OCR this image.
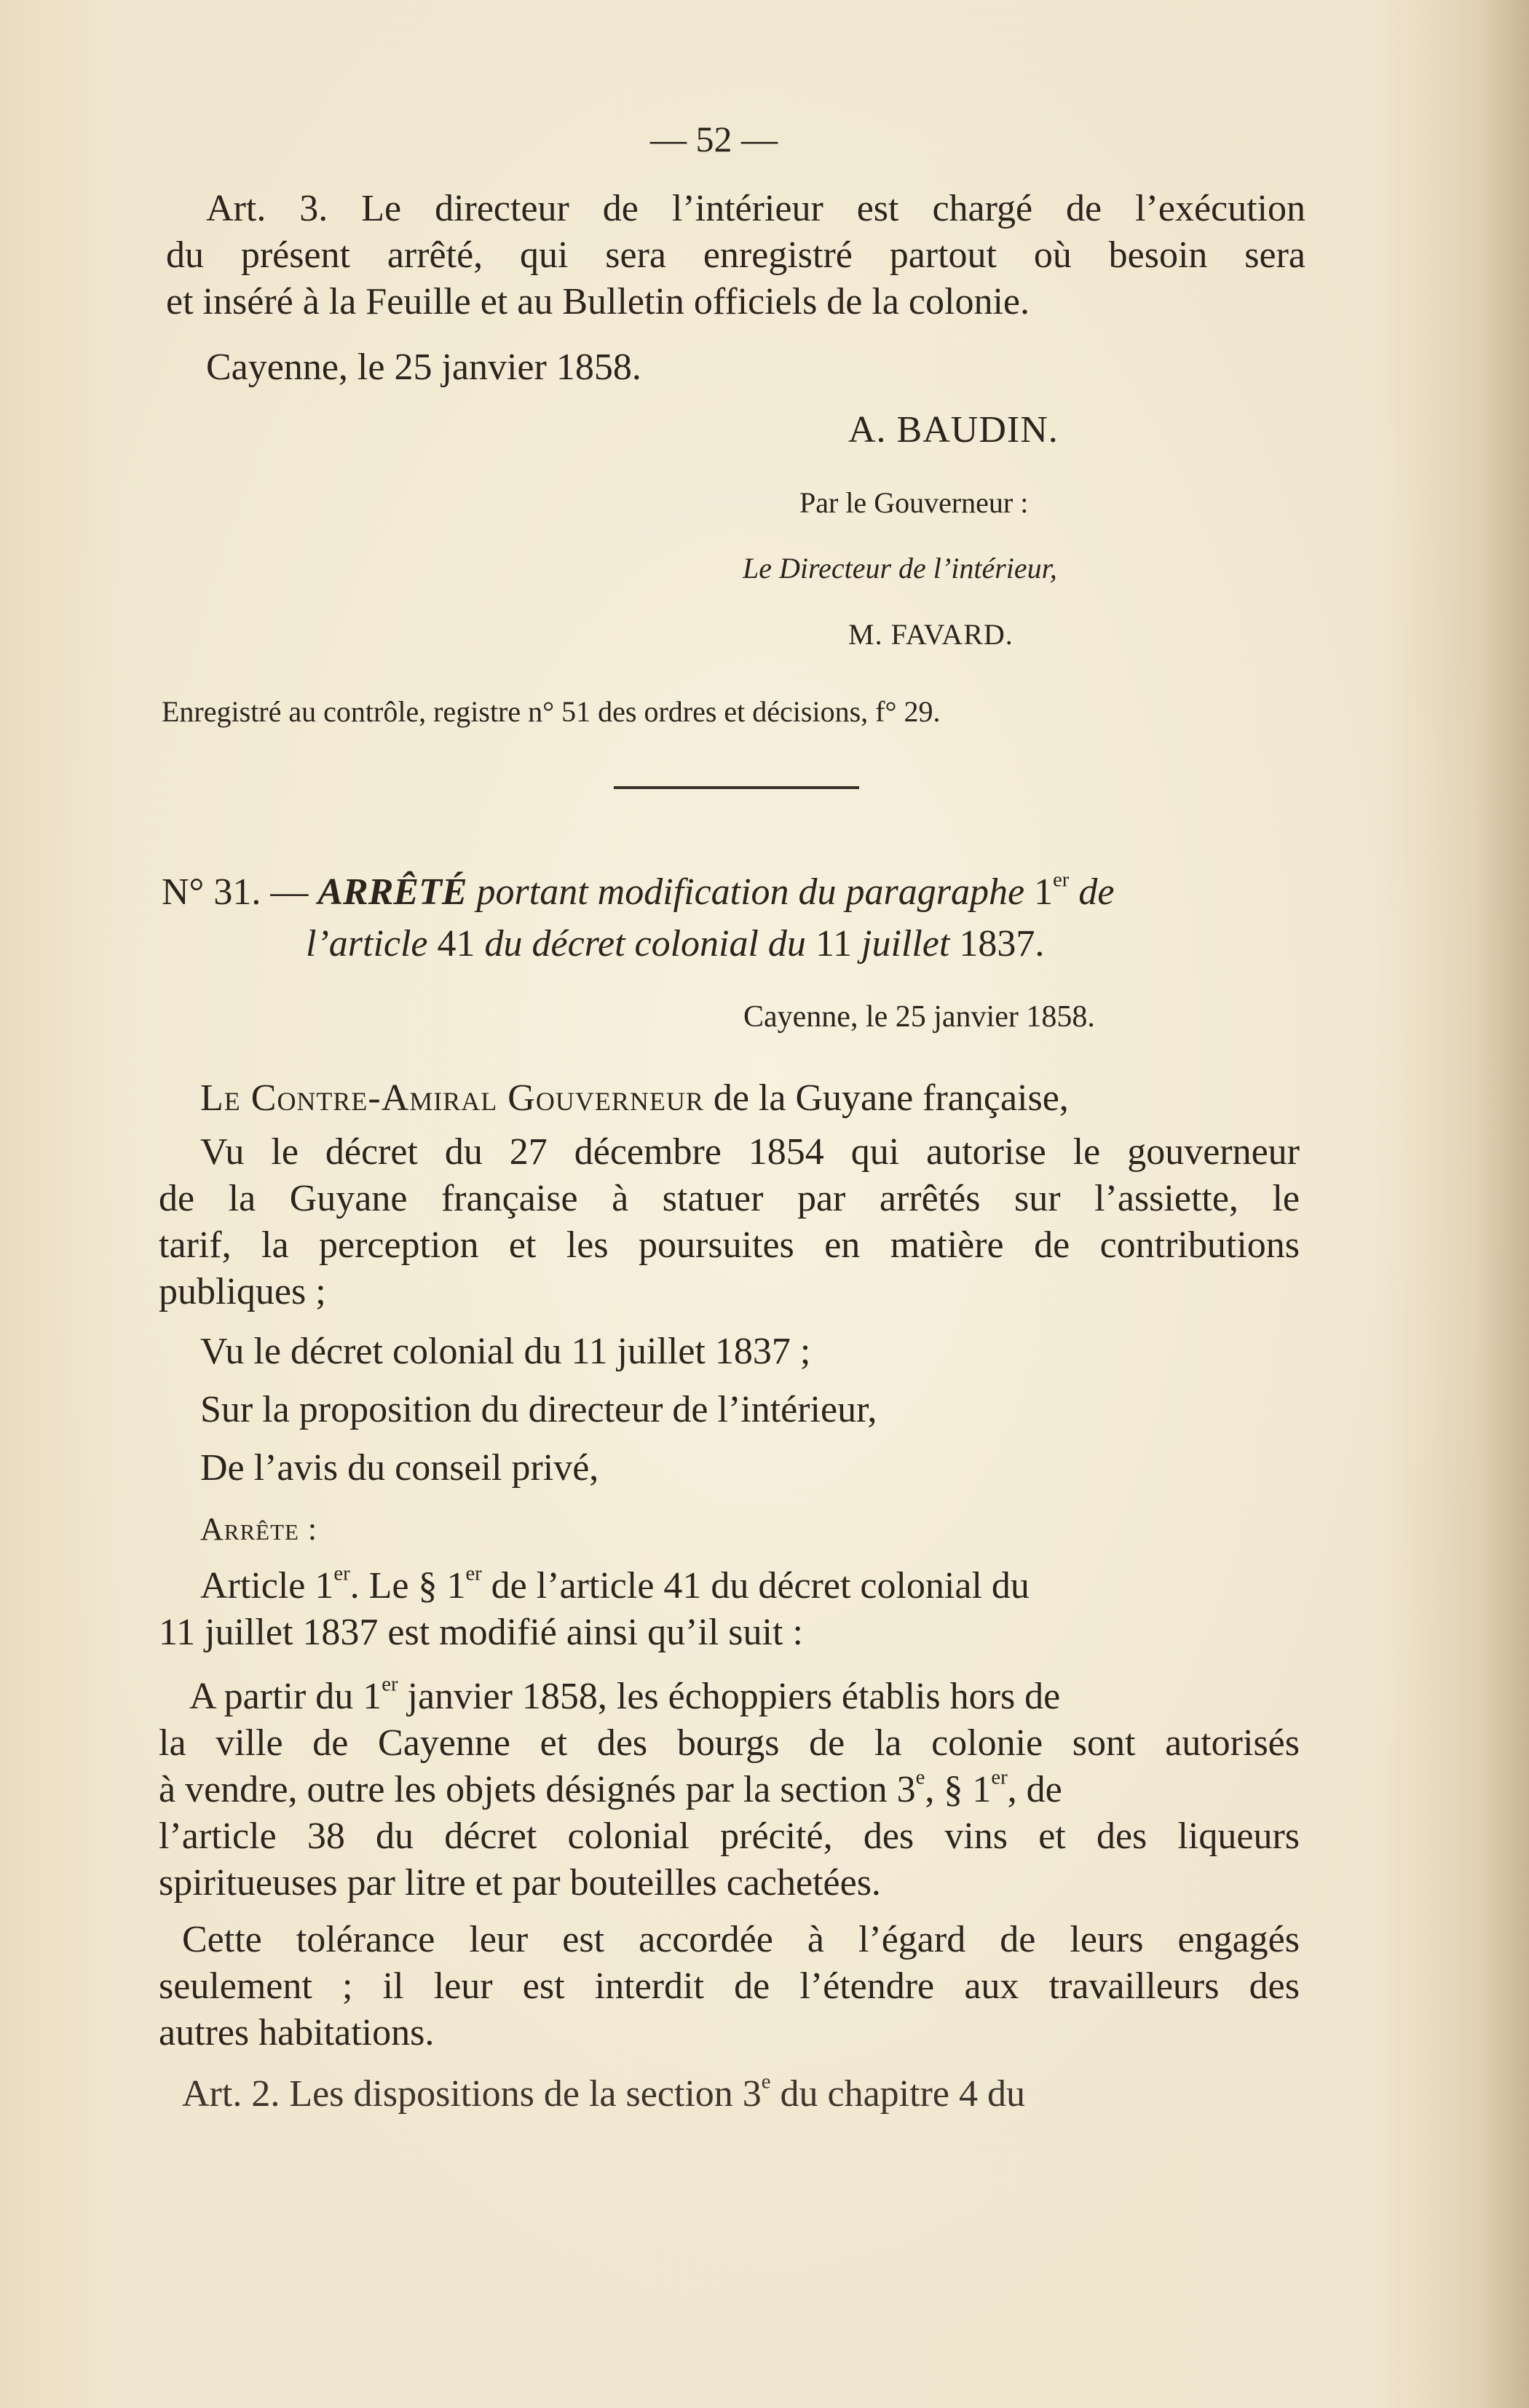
— 52 —
Art. 3. Le directeur de l’intérieur est chargé de l’exécution
du présent arrêté, qui sera enregistré partout où besoin sera
et inséré à la Feuille et au Bulletin officiels de la colonie.
Cayenne, le 25 janvier 1858.
A. BAUDIN.
Par le Gouverneur :
Le Directeur de l’intérieur,
M. FAVARD.
Enregistré au contrôle, registre n° 51 des ordres et décisions, f° 29.
N° 31. — ARRÊTÉ portant modification du paragraphe 1er de
l’article 41 du décret colonial du 11 juillet 1837.
Cayenne, le 25 janvier 1858.
Le Contre-Amiral Gouverneur de la Guyane française,
Vu le décret du 27 décembre 1854 qui autorise le gouverneur
de la Guyane française à statuer par arrêtés sur l’assiette, le
tarif, la perception et les poursuites en matière de contributions
publiques ;
Vu le décret colonial du 11 juillet 1837 ;
Sur la proposition du directeur de l’intérieur,
De l’avis du conseil privé,
Arrête :
Article 1er. Le § 1er de l’article 41 du décret colonial du
11 juillet 1837 est modifié ainsi qu’il suit :
A partir du 1er janvier 1858, les échoppiers établis hors de
la ville de Cayenne et des bourgs de la colonie sont autorisés
à vendre, outre les objets désignés par la section 3e, § 1er, de
l’article 38 du décret colonial précité, des vins et des liqueurs
spiritueuses par litre et par bouteilles cachetées.
Cette tolérance leur est accordée à l’égard de leurs engagés
seulement ; il leur est interdit de l’étendre aux travailleurs des
autres habitations.
Art. 2. Les dispositions de la section 3e du chapitre 4 du
